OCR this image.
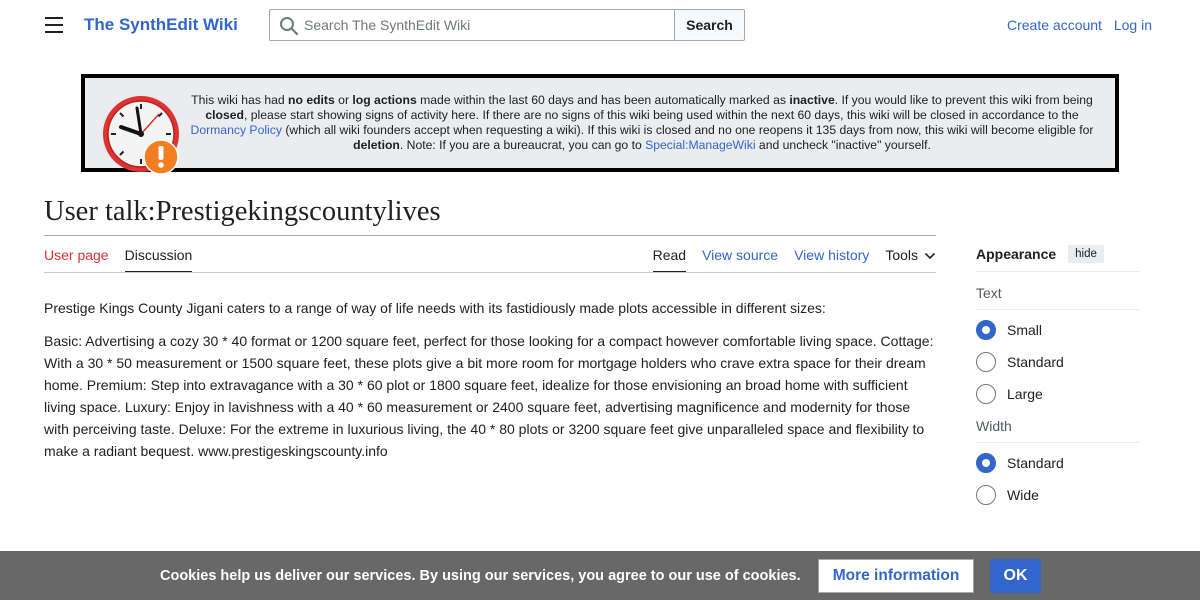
The SynthEdit Wiki
Search The SynthEdit Wiki	Search	Create account Log in
This wiki has had no edits or log actions made within the last 60 days and has been automatically marked as inactive. If you would like to prevent this wiki from being closed, please start showing signs of activity here. If there are no signs of this wiki being used within the next 60 days, this wiki will be closed in accordance to the Dormancy Policy (which all wiki founders accept when requesting a wiki). If this wiki is closed and no one reopens it 135 days from now, this wiki will become eligible for deletion. Note: If you are a bureaucrat, you can go to Special:ManageWiki and uncheck "inactive" yourself.
User talk:Prestigekingscountylives
User page Discussion	Read View source View history Tools

Prestige Kings County Jigani caters to a range of way of life needs with its fastidiously made plots accessible in different sizes:

Basic: Advertising a cozy 30 * 40 format or 1200 square feet, perfect for those looking for a compact however comfortable living space. Cottage: With a 30 * 50 measurement or 1500 square feet, these plots give a bit more room for mortgage holders who crave extra space for their dream home. Premium: Step into extravagance with a 30 * 60 plot or 1800 square feet, idealize for those envisioning an broad home with sufficient living space. Luxury: Enjoy in lavishness with a 40 * 60 measurement or 2400 square feet, advertising magnificence and modernity for those with perceiving taste. Deluxe: For the extreme in luxurious living, the 40 * 80 plots or 3200 square feet give unparalleled space and flexibility to make a radiant bequest. www.prestigeskingscounty.info

Appearance	hide
Text
Small
Standard
Large
Width
Standard
Wide
Cookies help us deliver our services. By using our services, you agree to our use of cookies.	More information	OK
